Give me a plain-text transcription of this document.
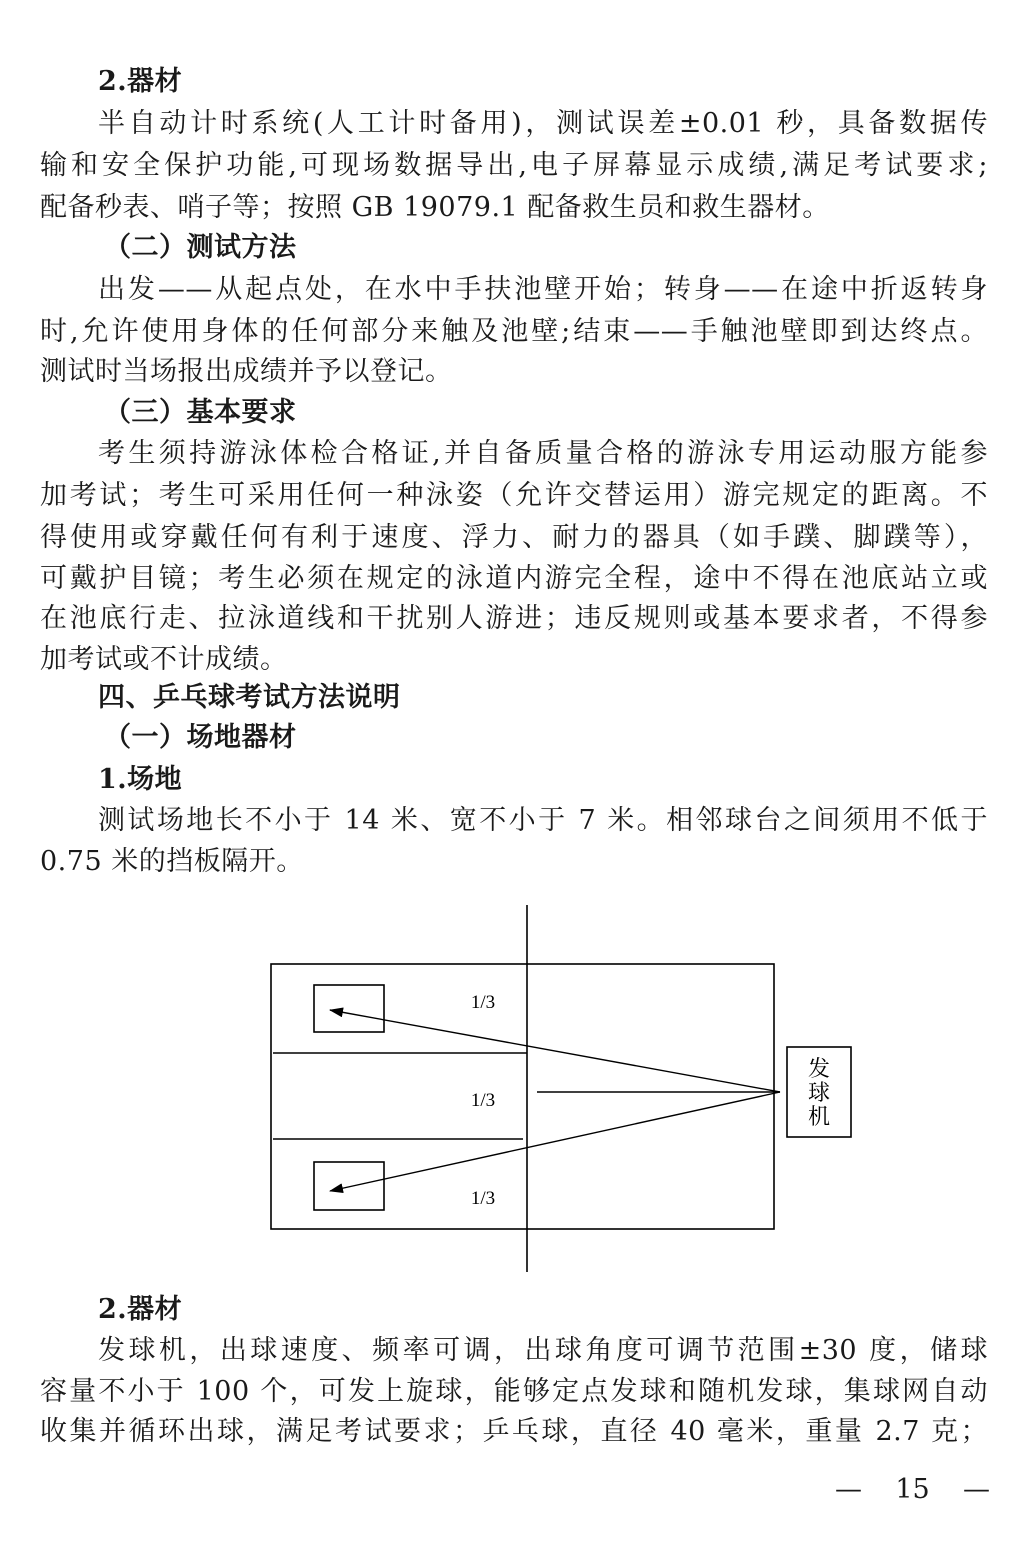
2.器材
半自动计时系统(人工计时备用)，测试误差±0.01 秒，具备数据传
输和安全保护功能,可现场数据导出,电子屏幕显示成绩,满足考试要求;
配备秒表、哨子等；按照 GB 19079.1 配备救生员和救生器材。
（二）测试方法
出发——从起点处，在水中手扶池壁开始；转身——在途中折返转身
时,允许使用身体的任何部分来触及池壁;结束——手触池壁即到达终点。
测试时当场报出成绩并予以登记。
（三）基本要求
考生须持游泳体检合格证,并自备质量合格的游泳专用运动服方能参
加考试；考生可采用任何一种泳姿（允许交替运用）游完规定的距离。不
得使用或穿戴任何有利于速度、浮力、耐力的器具（如手蹼、脚蹼等），
可戴护目镜；考生必须在规定的泳道内游完全程，途中不得在池底站立或
在池底行走、拉泳道线和干扰别人游进；违反规则或基本要求者，不得参
加考试或不计成绩。
四、乒乓球考试方法说明
（一）场地器材
1.场地
测试场地长不小于 14 米、宽不小于 7 米。相邻球台之间须用不低于
0.75 米的挡板隔开。
1/3
1/3
1/3
发
球
机
2.器材
发球机，出球速度、频率可调，出球角度可调节范围±30 度，储球
容量不小于 100 个，可发上旋球，能够定点发球和随机发球，集球网自动
收集并循环出球，满足考试要求；乒乓球，直径 40 毫米，重量 2.7 克；
— 15 —
